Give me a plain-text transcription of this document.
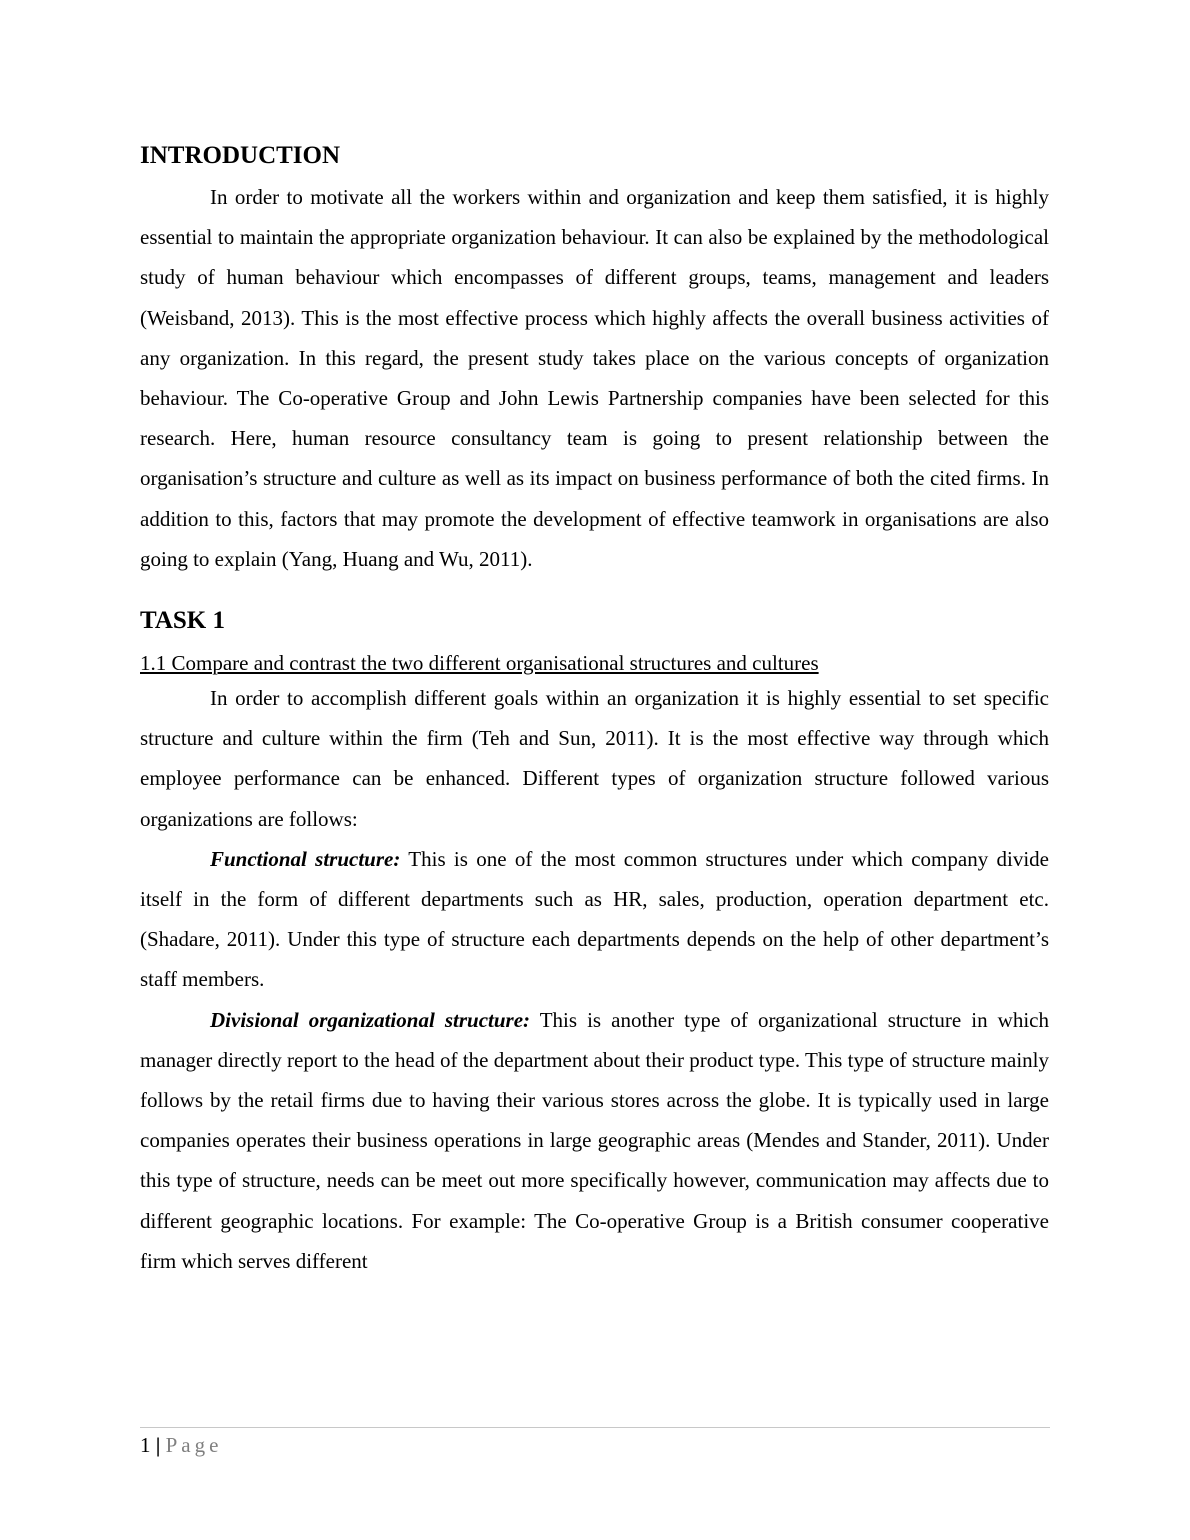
INTRODUCTION

In order to motivate all the workers within and organization and keep them satisfied, it is highly essential to maintain the appropriate organization behaviour. It can also be explained by the methodological study of human behaviour which encompasses of different groups, teams, management and leaders (Weisband, 2013). This is the most effective process which highly affects the overall business activities of any organization. In this regard, the present study takes place on the various concepts of organization behaviour. The Co-operative Group and John Lewis Partnership companies have been selected for this research. Here, human resource consultancy team is going to present relationship between the organisation’s structure and culture as well as its impact on business performance of both the cited firms. In addition to this, factors that may promote the development of effective teamwork in organisations are also going to explain (Yang, Huang and Wu, 2011).

TASK 1
1.1 Compare and contrast the two different organisational structures and cultures

In order to accomplish different goals within an organization it is highly essential to set specific structure and culture within the firm (Teh and Sun, 2011). It is the most effective way through which employee performance can be enhanced. Different types of organization structure followed various organizations are follows:

Functional structure: This is one of the most common structures under which company divide itself in the form of different departments such as HR, sales, production, operation department etc. (Shadare, 2011). Under this type of structure each departments depends on the help of other department’s staff members.

Divisional organizational structure: This is another type of organizational structure in which manager directly report to the head of the department about their product type. This type of structure mainly follows by the retail firms due to having their various stores across the globe. It is typically used in large companies operates their business operations in large geographic areas (Mendes and Stander, 2011). Under this type of structure, needs can be meet out more specifically however, communication may affects due to different geographic locations. For example: The Co-operative Group is a British consumer cooperative firm which serves different

1 | Page
